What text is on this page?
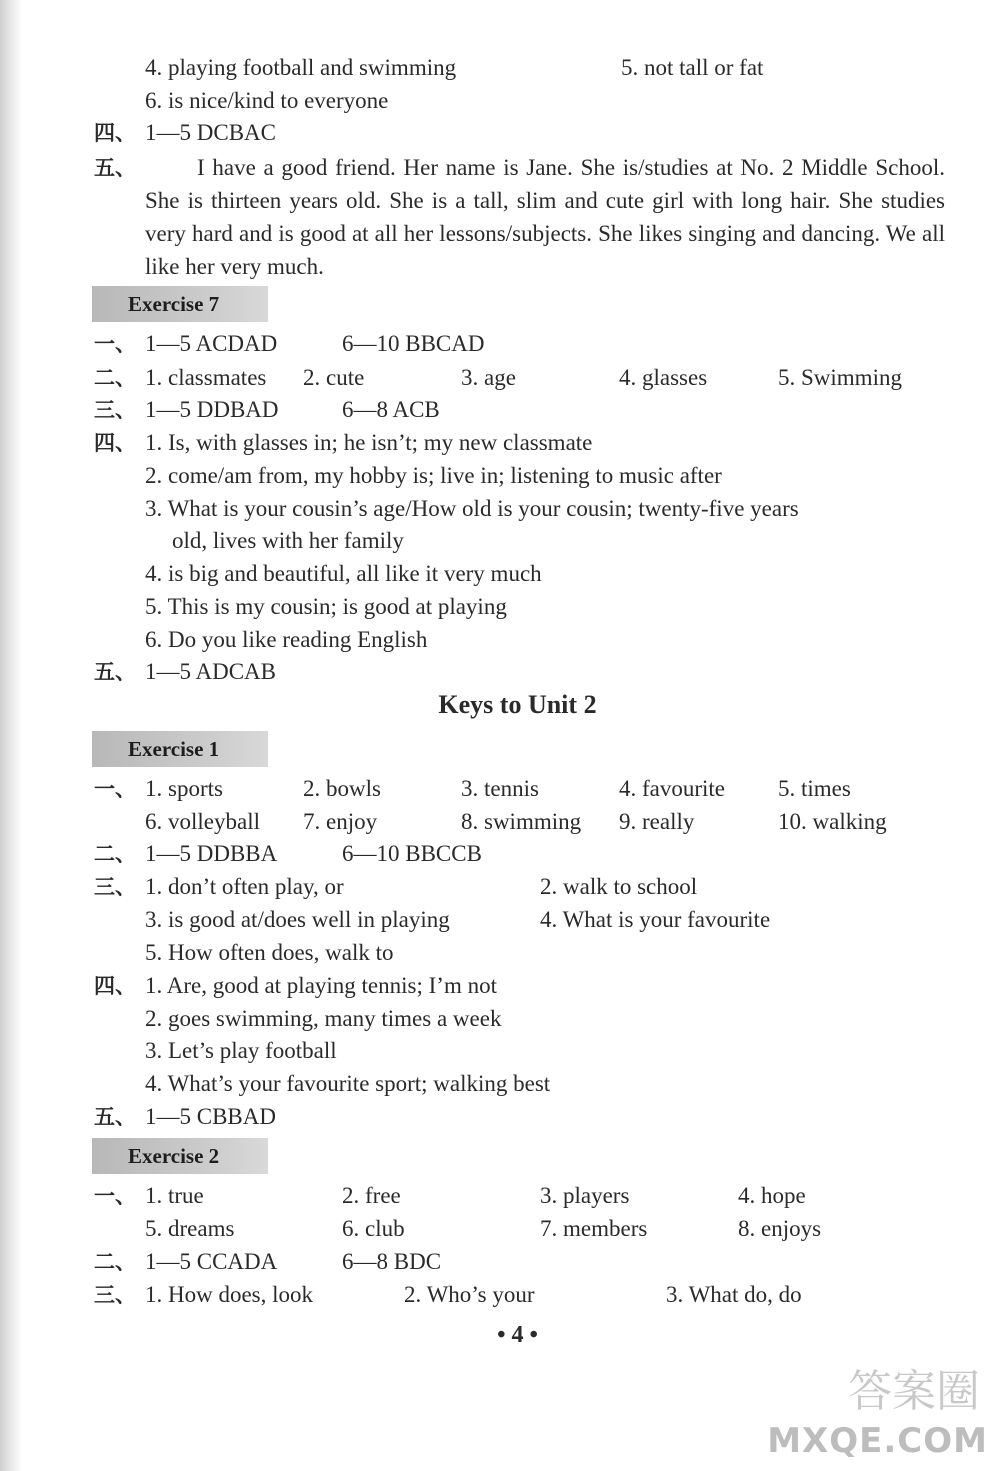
4. playing football and swimming	5. not tall or fat
6. is nice/kind to everyone
四、 1—5 DCBAC
五、	I have a good friend. Her name is Jane. She is/studies at No. 2 Middle School. She is thirteen years old. She is a tall, slim and cute girl with long hair. She studies very hard and is good at all her lessons/subjects. She likes singing and dancing. We all like her very much.
Exercise 7
一、 1—5 ACDAD	6—10 BBCAD
二、 1. classmates 2. cute	3. age	4. glasses	5. Swimming
三、 1—5 DDBAD	6—8 ACB
四、 1. Is, with glasses in; he isn’t; my new classmate
2. come/am from, my hobby is; live in; listening to music after
3. What is your cousin’s age/How old is your cousin; twenty-five years
old, lives with her family
4. is big and beautiful, all like it very much
5. This is my cousin; is good at playing
6. Do you like reading English
五、 1—5 ADCAB
Keys to Unit 2
Exercise 1
一、 1. sports	2. bowls	3. tennis	4. favourite 5. times
6. volleyball 7. enjoy	8. swimming 9. really	10. walking
二、 1—5 DDBBA	6—10 BBCCB
三、 1. don’t often play, or	2. walk to school
3. is good at/does well in playing	4. What is your favourite
5. How often does, walk to
四、 1. Are, good at playing tennis; I’m not
2. goes swimming, many times a week
3. Let’s play football
4. What’s your favourite sport; walking best
五、 1—5 CBBAD
Exercise 2
一、 1. true	2. free	3. players	4. hope
5. dreams	6. club	7. members	8. enjoys
二、 1—5 CCADA	6—8 BDC
三、 1. How does, look	2. Who’s your	3. What do, do
• 4 •
答案圈
MXQE.COM
